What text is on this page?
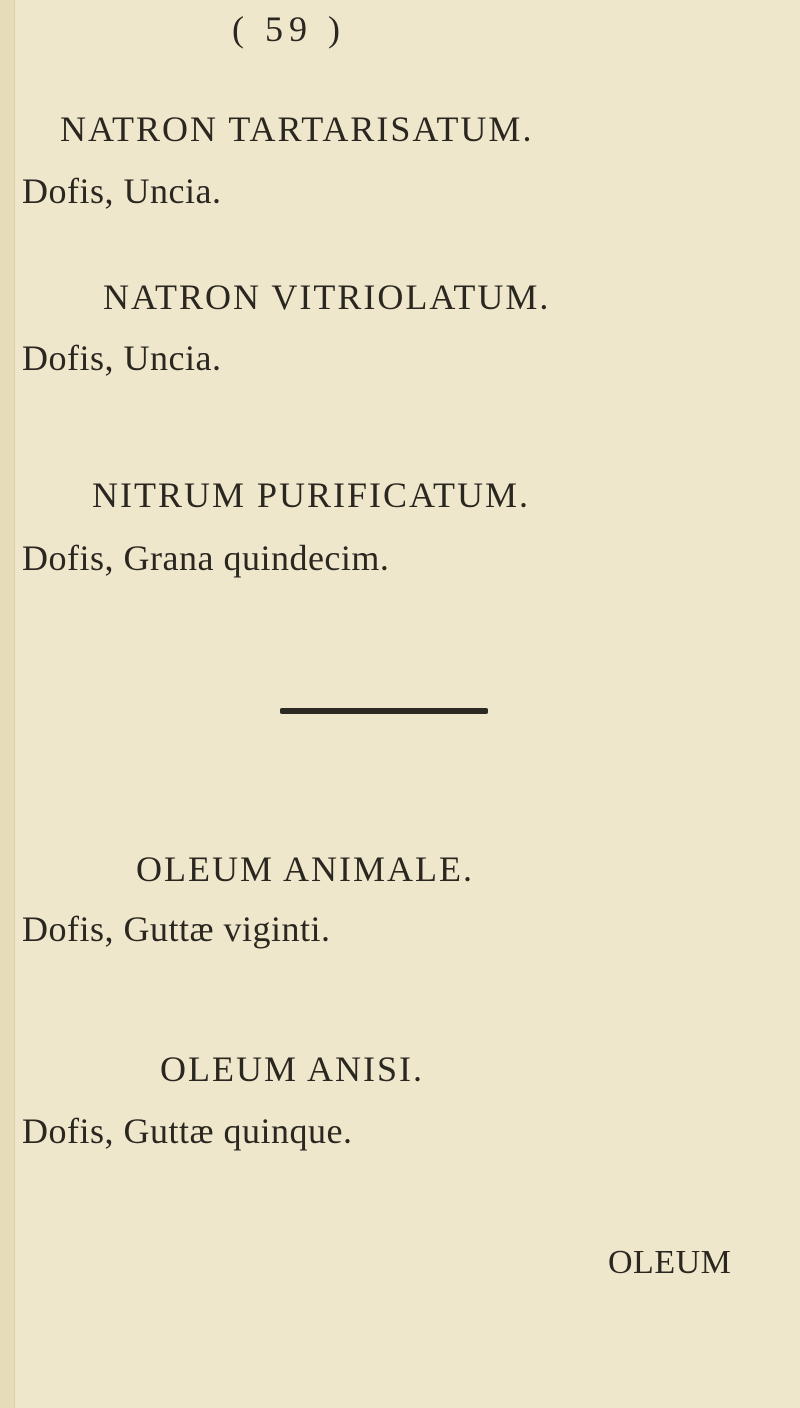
( 59 )
NATRON TARTARISATUM.
Dofis, Uncia.
NATRON VITRIOLATUM.
Dofis, Uncia.
NITRUM PURIFICATUM.
Dofis, Grana quindecim.
OLEUM ANIMALE.
Dofis, Guttæ viginti.
OLEUM ANISI.
Dofis, Guttæ quinque.
OLEUM
